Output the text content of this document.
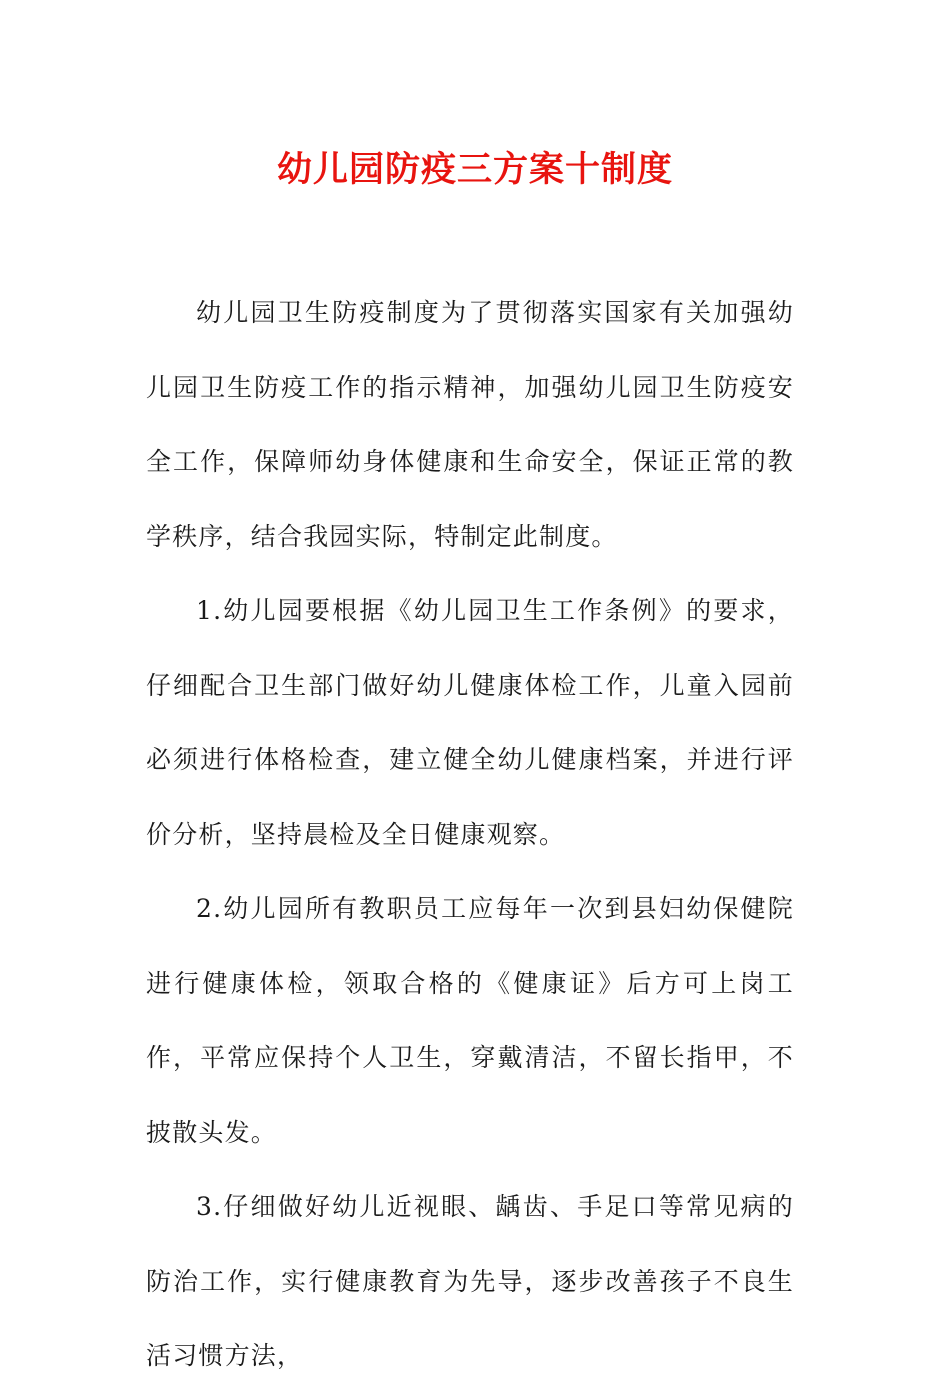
幼儿园防疫三方案十制度

幼儿园卫生防疫制度为了贯彻落实国家有关加强幼儿园卫生防疫工作的指示精神，加强幼儿园卫生防疫安全工作，保障师幼身体健康和生命安全，保证正常的教学秩序，结合我园实际，特制定此制度。

1.幼儿园要根据《幼儿园卫生工作条例》的要求，仔细配合卫生部门做好幼儿健康体检工作，儿童入园前必须进行体格检查，建立健全幼儿健康档案，并进行评价分析，坚持晨检及全日健康观察。

2.幼儿园所有教职员工应每年一次到县妇幼保健院进行健康体检，领取合格的《健康证》后方可上岗工作，平常应保持个人卫生，穿戴清洁，不留长指甲，不披散头发。

3.仔细做好幼儿近视眼、龋齿、手足口等常见病的防治工作，实行健康教育为先导，逐步改善孩子不良生活习惯方法，
